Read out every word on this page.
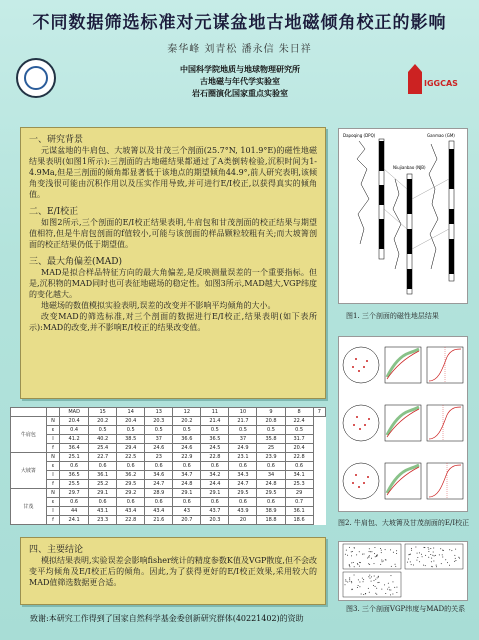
不同数据筛选标准对元谋盆地古地磁倾角校正的影响
秦华峰 刘青松 潘永信 朱日祥
中国科学院地质与地球物理研究所
古地磁与年代学实验室
岩石圈演化国家重点实验室
IGGCAS

一、研究背景

元谋盆地的牛肩包、大坡箐以及甘茂三个剖面(25.7°N, 101.9°E)的磁性地磁结果表明(如图1所示):三剖面的古地磁结果都通过了A类倒转检验,沉积时间为1-4.9Ma,但是三剖面的倾角都显著低于该地点的期望倾角44.9°,前人研究表明,该倾角变浅很可能由沉积作用以及压实作用导致,并可进行E/I校正,以获得真实的倾角值。

二、E/I校正

如图2所示,三个剖面的E/I校正结果表明,牛肩包和甘茂剖面的校正结果与期望值相符,但是牛肩包剖面的f值较小,可能与该剖面的样品颗粒较粗有关;而大坡箐剖面的校正结果仍低于期望值。

三、最大角偏差(MAD)

MAD是拟合样品特征方向的最大角偏差,是反映测量误差的一个重要指标。但是,沉积物的MAD同时也可表征地磁场的稳定性。如图3所示,MAD越大,VGP纬度的变化越大。

地磁场的数值模拟实验表明,误差的改变并不影响平均倾角的大小。

改变MAD的筛选标准,对三个剖面的数据进行E/I校正,结果表明(如下表所示):MAD的改变,并不影响E/I校正的结果改变值。

		MAD	15	14	13	12	11	10	9	8	7
牛肩包	N	20.4	20.2	20.4	20.3	20.2	21.4	21.7	20.8	22.4	
	ε	0.4	0.5	0.5	0.5	0.5	0.5	0.5	0.5	0.5	
	I	41.2	40.2	38.5	37	36.6	36.5	37	35.8	31.7	
	f	36.4	25.4	29.4	24.6	24.6	24.5	24.9	25	20.4	
大坡箐	N	25.1	22.7	22.5	23	22.9	22.8	23.1	23.9	22.8	
	ε	0.6	0.6	0.6	0.6	0.6	0.6	0.6	0.6	0.6	
	I	36.5	36.1	36.2	34.6	34.7	34.2	34.3	34	34.1	
	f	25.5	25.2	29.5	24.7	24.8	24.4	24.7	24.8	25.3	
甘茂	N	29.7	29.1	29.2	28.9	29.1	29.1	29.5	29.5	29	
	ε	0.6	0.6	0.6	0.6	0.6	0.6	0.6	0.6	0.7	
	I	44	43.1	43.4	43.4	43	43.7	43.9	38.9	36.1	
	f	24.1	23.3	22.8	21.6	20.7	20.3	20	18.8	18.6	

四、主要结论

模拟结果表明,实验误差会影响fisher统计的精度参数K值及VGP散度,但不会改变平均倾角及E/I校正后的倾角。因此,为了获得更好的E/I校正效果,采用较大的MAD值筛选数据更合适。

Dapoqing (DPQ)
Niujianbao (NJB)
Ganmao (GM)
图1. 三个剖面的磁性地层结果
图2. 牛肩包、大坡箐及甘茂剖面的E/I校正
图3. 三个剖面VGP纬度与MAD的关系
致谢:本研究工作得到了国家自然科学基金委创新研究群体(40221402)的资助
